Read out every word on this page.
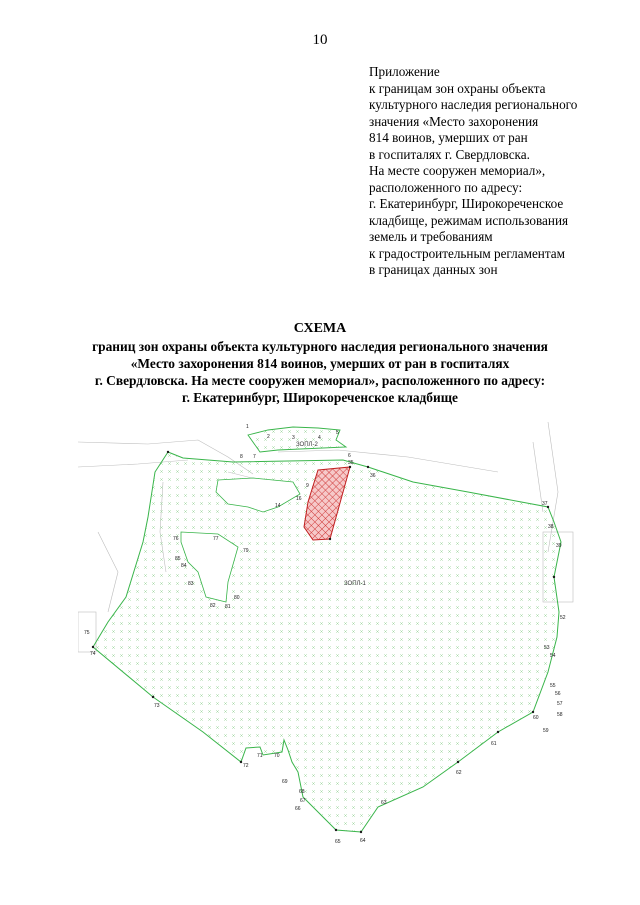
10
Приложение
к границам зон охраны объекта
культурного наследия регионального
значения «Место захоронения
814 воинов, умерших от ран
в госпиталях г. Свердловска.
На месте сооружен мемориал»,
расположенного по адресу:
г. Екатеринбург, Широкореченское
кладбище, режимам использования
земель и требованиям
к градостроительным регламентам
в границах данных зон
СХЕМА
границ зон охраны объекта культурного наследия регионального значения
«Место захоронения 814 воинов, умерших от ран в госпиталях
г. Свердловска. На месте сооружен мемориал», расположенного по адресу:
г. Екатеринбург, Широкореченское кладбище
1
2	3	4
5
6
7
8
9
14
16
35
36
37
38
39
52
53
54
55
56
57
58
59
60
61
62
63
64
65
66
67
68
69
70
71
72
73
74
75
76	77
79
80
81
82
83
84
85
ЗОПЛ-1
ЗОПЛ-2
